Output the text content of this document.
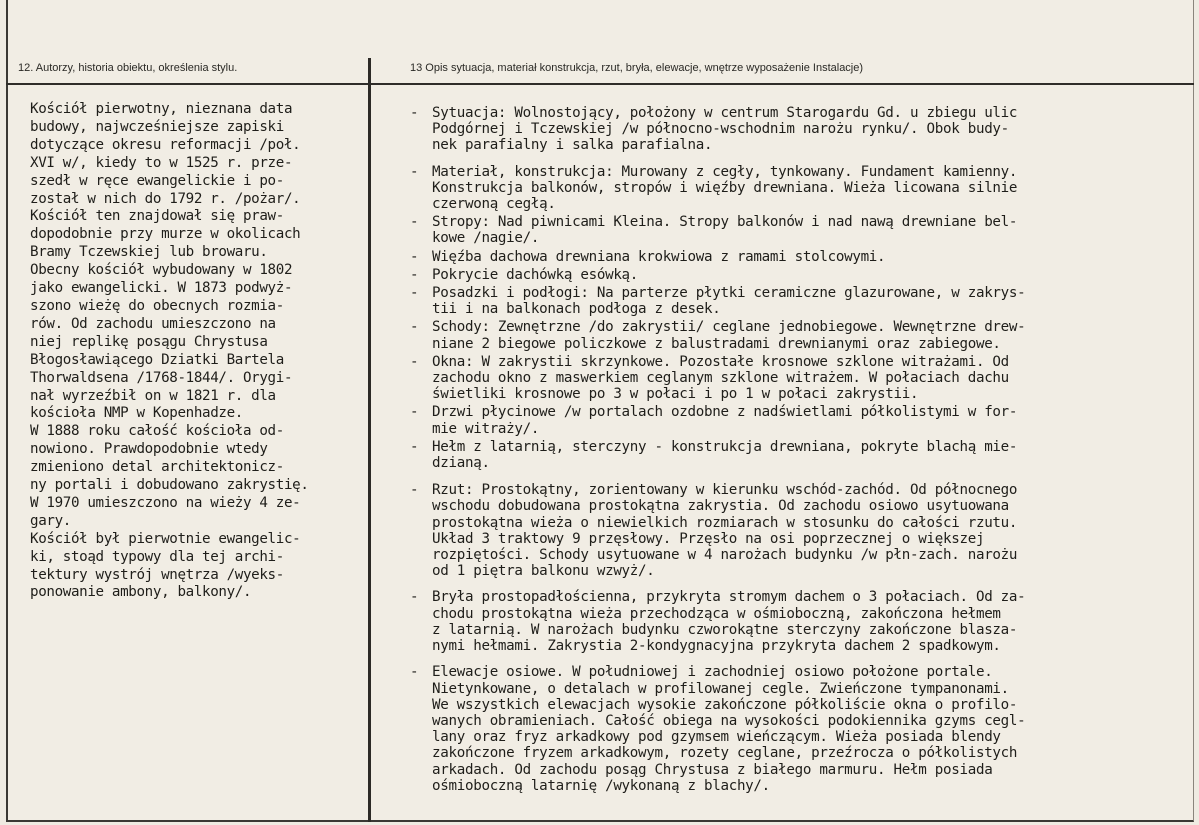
12. Autorzy, historia obiektu, określenia stylu.	13 Opis sytuacja, materiał konstrukcja, rzut, bryła, elewacje, wnętrze wyposażenie Instalacje)
Kościół pierwotny, nieznana data
budowy, najwcześniejsze zapiski
dotyczące okresu reformacji /poł.
XVI w/, kiedy to w 1525 r. prze-
szedł w ręce ewangelickie i po-
został w nich do 1792 r. /pożar/.
Kościół ten znajdował się praw-
dopodobnie przy murze w okolicach
Bramy Tczewskiej lub browaru.
Obecny kościół wybudowany w 1802
jako ewangelicki. W 1873 podwyż-
szono wieżę do obecnych rozmia-
rów. Od zachodu umieszczono na
niej replikę posągu Chrystusa
Błogosławiącego Dziatki Bartela
Thorwaldsena /1768-1844/. Orygi-
nał wyrzeźbił on w 1821 r. dla
kościoła NMP w Kopenhadze.
W 1888 roku całość kościoła od-
nowiono. Prawdopodobnie wtedy
zmieniono detal architektonicz-
ny portali i dobudowano zakrystię.
W 1970 umieszczono na wieży 4 ze-
gary.
Kościół był pierwotnie ewangelic-
ki, stoąd typowy dla tej archi-
tektury wystrój wnętrza /wyeks-
ponowanie ambony, balkony/.
- Sytuacja: Wolnostojący, położony w centrum Starogardu Gd. u zbiegu ulic
Podgórnej i Tczewskiej /w północno-wschodnim narożu rynku/. Obok budy-
nek parafialny i salka parafialna.
- Materiał, konstrukcja: Murowany z cegły, tynkowany. Fundament kamienny.
Konstrukcja balkonów, stropów i więźby drewniana. Wieża licowana silnie
czerwoną cegłą.
- Stropy: Nad piwnicami Kleina. Stropy balkonów i nad nawą drewniane bel-
kowe /nagie/.
- Więźba dachowa drewniana krokwiowa z ramami stolcowymi.
- Pokrycie dachówką esówką.
- Posadzki i podłogi: Na parterze płytki ceramiczne glazurowane, w zakrys-
tii i na balkonach podłoga z desek.
- Schody: Zewnętrzne /do zakrystii/ ceglane jednobiegowe. Wewnętrzne drew-
niane 2 biegowe policzkowe z balustradami drewnianymi oraz zabiegowe.
- Okna: W zakrystii skrzynkowe. Pozostałe krosnowe szklone witrażami. Od
zachodu okno z maswerkiem ceglanym szklone witrażem. W połaciach dachu
świetliki krosnowe po 3 w połaci i po 1 w połaci zakrystii.
- Drzwi płycinowe /w portalach ozdobne z nadświetlami półkolistymi w for-
mie witraży/.
- Hełm z latarnią, sterczyny - konstrukcja drewniana, pokryte blachą mie-
dzianą.
- Rzut: Prostokątny, zorientowany w kierunku wschód-zachód. Od północnego
wschodu dobudowana prostokątna zakrystia. Od zachodu osiowo usytuowana
prostokątna wieża o niewielkich rozmiarach w stosunku do całości rzutu.
Układ 3 traktowy 9 przęsłowy. Przęsło na osi poprzecznej o większej
rozpiętości. Schody usytuowane w 4 narożach budynku /w płn-zach. narożu
od 1 piętra balkonu wzwyż/.
- Bryła prostopadłościenna, przykryta stromym dachem o 3 połaciach. Od za-
chodu prostokątna wieża przechodząca w ośmioboczną, zakończona hełmem
z latarnią. W narożach budynku czworokątne sterczyny zakończone blasza-
nymi hełmami. Zakrystia 2-kondygnacyjna przykryta dachem 2 spadkowym.
- Elewacje osiowe. W południowej i zachodniej osiowo położone portale.
Nietynkowane, o detalach w profilowanej cegle. Zwieńczone tympanonami.
We wszystkich elewacjach wysokie zakończone półkoliście okna o profilo-
wanych obramieniach. Całość obiega na wysokości podokiennika gzyms cegl-
lany oraz fryz arkadkowy pod gzymsem wieńczącym. Wieża posiada blendy
zakończone fryzem arkadkowym, rozety ceglane, przeźrocza o półkolistych
arkadach. Od zachodu posąg Chrystusa z białego marmuru. Hełm posiada
ośmioboczną latarnię /wykonaną z blachy/.
